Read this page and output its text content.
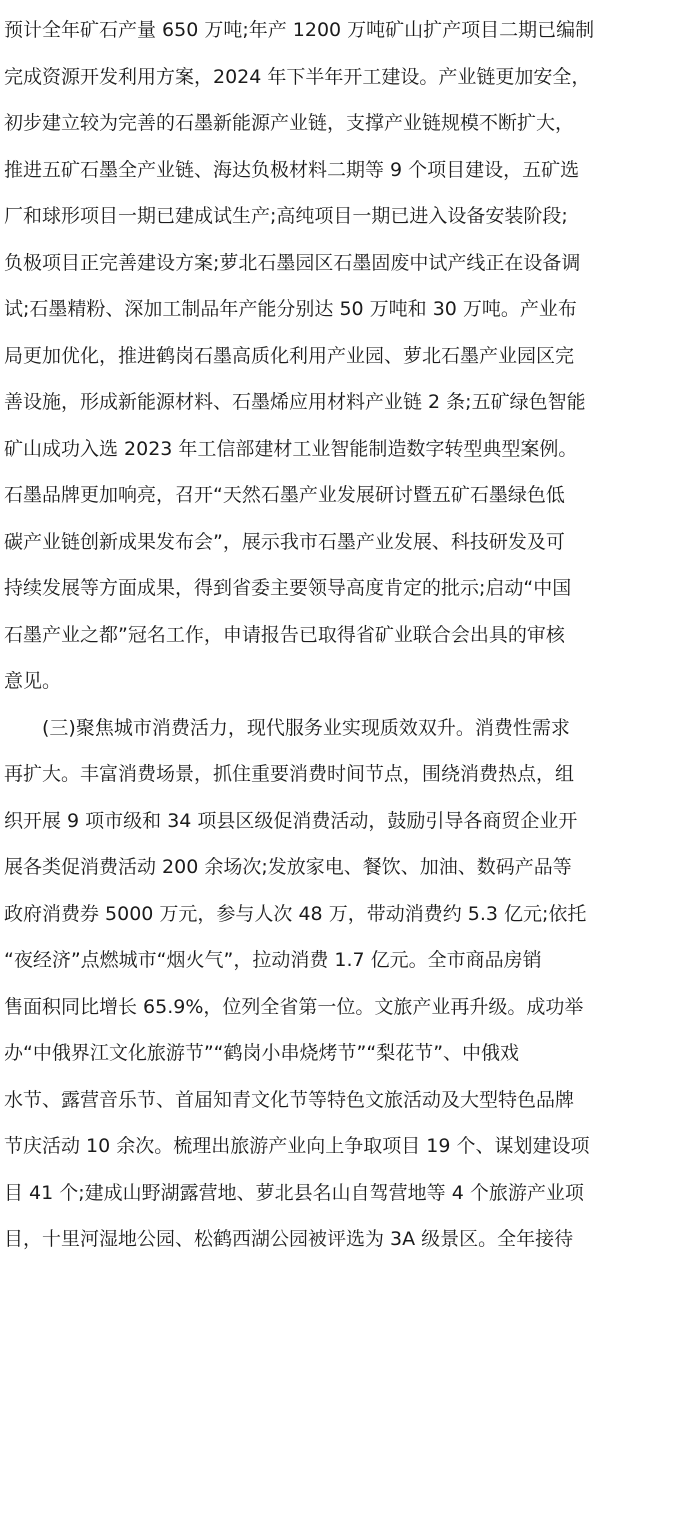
预计全年矿石产量 650 万吨;年产 1200 万吨矿山扩产项目二期已编制
完成资源开发利用方案，2024 年下半年开工建设。产业链更加安全，
初步建立较为完善的石墨新能源产业链，支撑产业链规模不断扩大，
推进五矿石墨全产业链、海达负极材料二期等 9 个项目建设，五矿选
厂和球形项目一期已建成试生产;高纯项目一期已进入设备安装阶段;
负极项目正完善建设方案;萝北石墨园区石墨固废中试产线正在设备调
试;石墨精粉、深加工制品年产能分别达 50 万吨和 30 万吨。产业布
局更加优化，推进鹤岗石墨高质化利用产业园、萝北石墨产业园区完
善设施，形成新能源材料、石墨烯应用材料产业链 2 条;五矿绿色智能
矿山成功入选 2023 年工信部建材工业智能制造数字转型典型案例。
石墨品牌更加响亮，召开“天然石墨产业发展研讨暨五矿石墨绿色低
碳产业链创新成果发布会”，展示我市石墨产业发展、科技研发及可
持续发展等方面成果，得到省委主要领导高度肯定的批示;启动“中国
石墨产业之都”冠名工作，申请报告已取得省矿业联合会出具的审核
意见。
　　(三)聚焦城市消费活力，现代服务业实现质效双升。消费性需求
再扩大。丰富消费场景，抓住重要消费时间节点，围绕消费热点，组
织开展 9 项市级和 34 项县区级促消费活动，鼓励引导各商贸企业开
展各类促消费活动 200 余场次;发放家电、餐饮、加油、数码产品等
政府消费券 5000 万元，参与人次 48 万，带动消费约 5.3 亿元;依托
“夜经济”点燃城市“烟火气”，拉动消费 1.7 亿元。全市商品房销
售面积同比增长 65.9%，位列全省第一位。文旅产业再升级。成功举
办“中俄界江文化旅游节”“鹤岗小串烧烤节”“梨花节”、中俄戏
水节、露营音乐节、首届知青文化节等特色文旅活动及大型特色品牌
节庆活动 10 余次。梳理出旅游产业向上争取项目 19 个、谋划建设项
目 41 个;建成山野湖露营地、萝北县名山自驾营地等 4 个旅游产业项
目，十里河湿地公园、松鹤西湖公园被评选为 3A 级景区。全年接待
